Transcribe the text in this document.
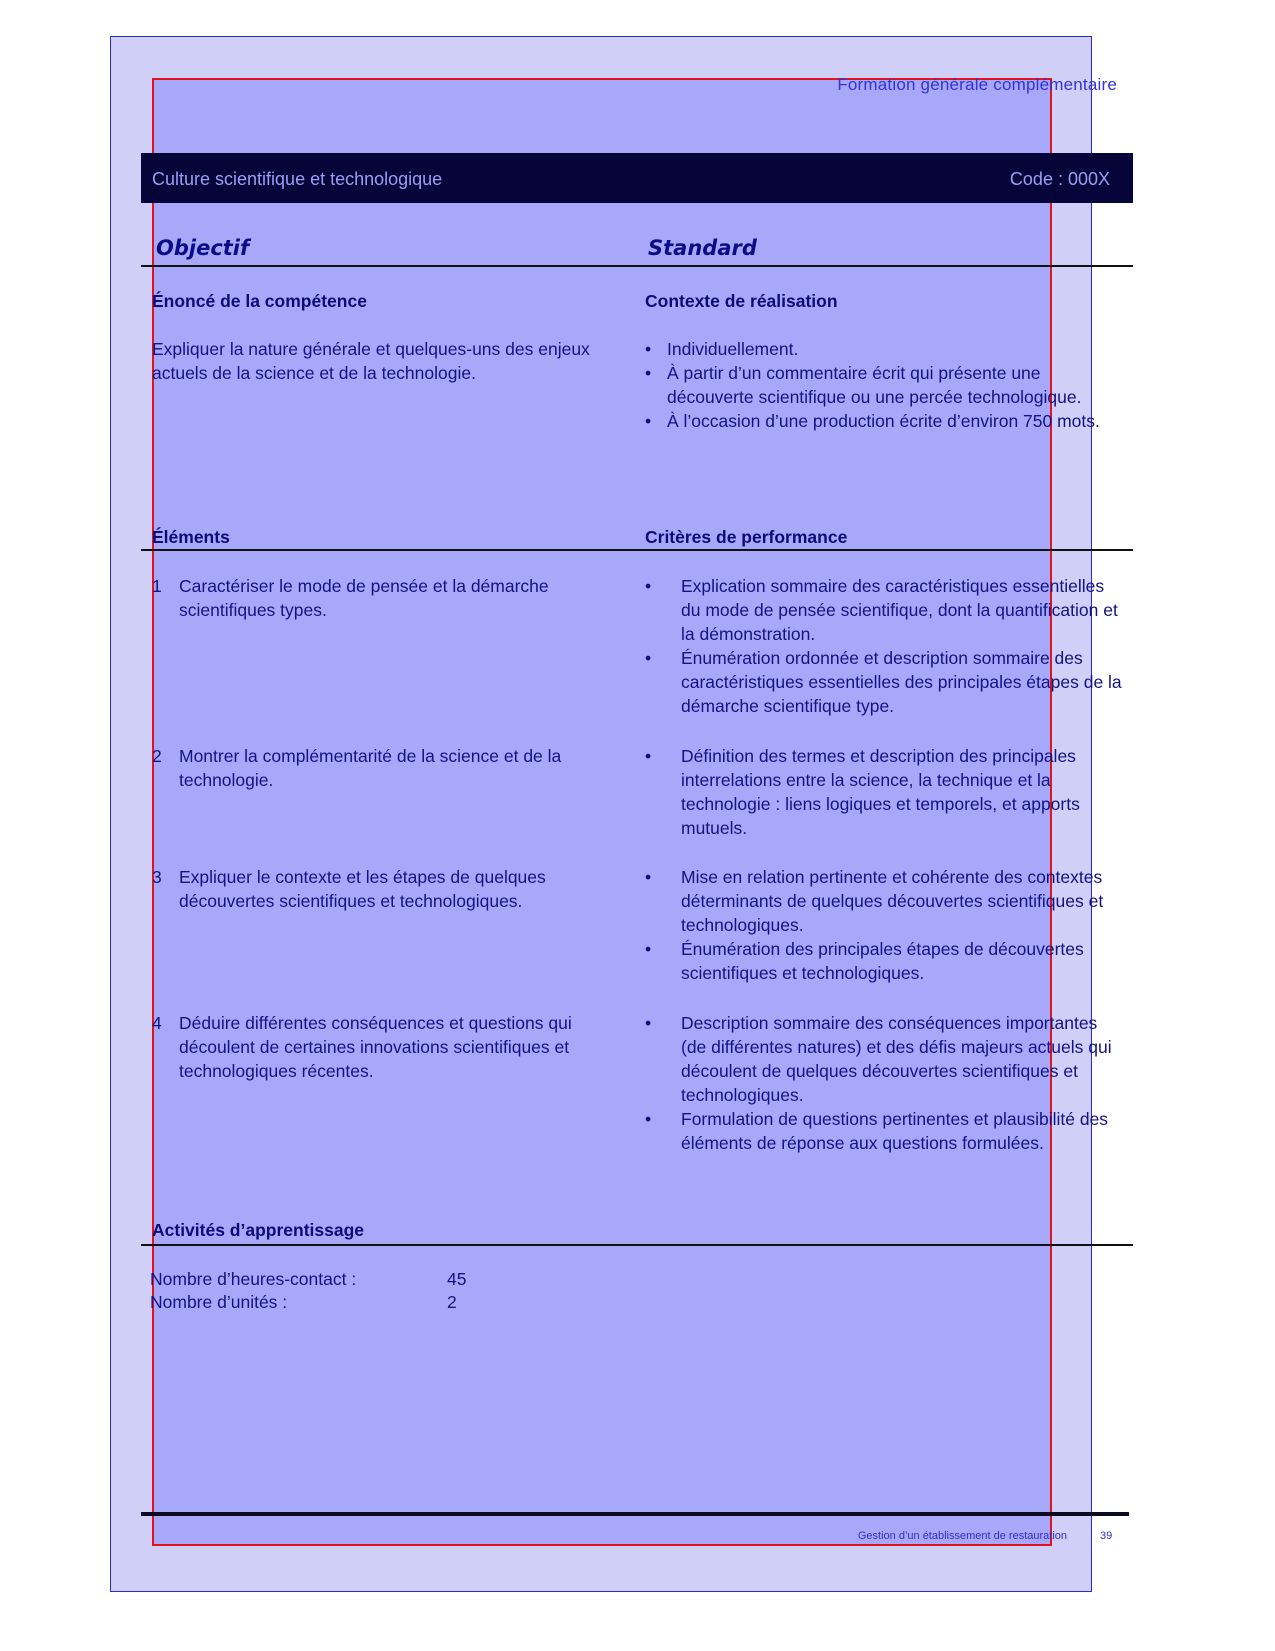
Formation générale complémentaire
Culture scientifique et technologique	Code : 000X
Objectif	Standard
Énoncé de la compétence	Contexte de réalisation
Expliquer la nature générale et quelques-uns des enjeux actuels de la science et de la technologie.
• Individuellement.
• À partir d’un commentaire écrit qui présente une découverte scientifique ou une percée technologique.
• À l’occasion d’une production écrite d’environ 750 mots.
Éléments	Critères de performance
1 Caractériser le mode de pensée et la démarche scientifiques types.
• Explication sommaire des caractéristiques essentielles du mode de pensée scientifique, dont la quantification et la démonstration.
• Énumération ordonnée et description sommaire des caractéristiques essentielles des principales étapes de la démarche scientifique type.
2 Montrer la complémentarité de la science et de la technologie.
• Définition des termes et description des principales interrelations entre la science, la technique et la technologie : liens logiques et temporels, et apports mutuels.
3 Expliquer le contexte et les étapes de quelques découvertes scientifiques et technologiques.
• Mise en relation pertinente et cohérente des contextes déterminants de quelques découvertes scientifiques et technologiques.
• Énumération des principales étapes de découvertes scientifiques et technologiques.
4 Déduire différentes conséquences et questions qui découlent de certaines innovations scientifiques et technologiques récentes.
• Description sommaire des conséquences importantes (de différentes natures) et des défis majeurs actuels qui découlent de quelques découvertes scientifiques et technologiques.
• Formulation de questions pertinentes et plausibilité des éléments de réponse aux questions formulées.
Activités d’apprentissage
Nombre d’heures-contact :	45
Nombre d’unités :	2
Gestion d’un établissement de restauration	39
